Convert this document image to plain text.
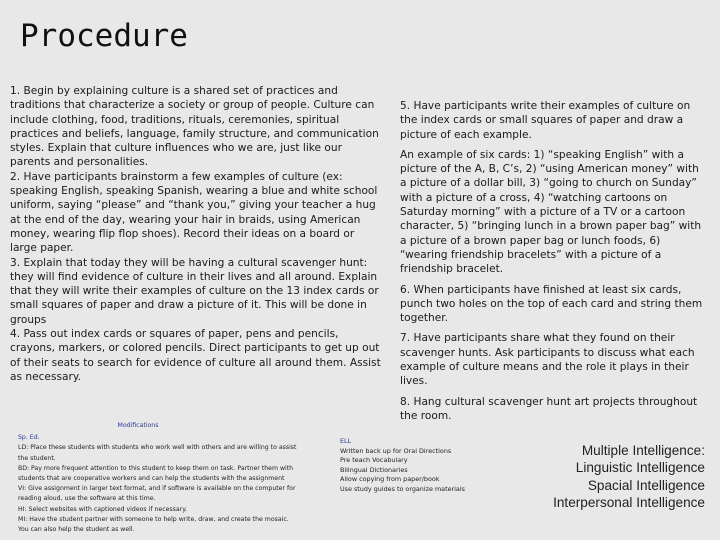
Procedure

1. Begin by explaining culture is a shared set of practices and traditions that characterize a society or group of people. Culture can include clothing, food, traditions, rituals, ceremonies, spiritual practices and beliefs, language, family structure, and communication styles. Explain that culture influences who we are, just like our parents and personalities.

2. Have participants brainstorm a few examples of culture (ex: speaking English, speaking Spanish, wearing a blue and white school uniform, saying “please” and “thank you,” giving your teacher a hug at the end of the day, wearing your hair in braids, using American money, wearing flip flop shoes). Record their ideas on a board or large paper.

3. Explain that today they will be having a cultural scavenger hunt: they will find evidence of culture in their lives and all around. Explain that they will write their examples of culture on the 13 index cards or small squares of paper and draw a picture of it. This will be done in groups

4. Pass out index cards or squares of paper, pens and pencils, crayons, markers, or colored pencils. Direct participants to get up out of their seats to search for evidence of culture all around them. Assist as necessary.

5. Have participants write their examples of culture on the index cards or small squares of paper and draw a picture of each example.

An example of six cards: 1) “speaking English” with a picture of the A, B, C’s, 2) “using American money” with a picture of a dollar bill, 3) “going to church on Sunday” with a picture of a cross, 4) “watching cartoons on Saturday morning” with a picture of a TV or a cartoon character, 5) “bringing lunch in a brown paper bag” with a picture of a brown paper bag or lunch foods, 6) “wearing friendship bracelets” with a picture of a friendship bracelet.

6. When participants have finished at least six cards, punch two holes on the top of each card and string them together.

7. Have participants share what they found on their scavenger hunts. Ask participants to discuss what each example of culture means and the role it plays in their lives.

8. Hang cultural scavenger hunt art projects throughout the room.

Modifications

Sp. Ed.

LD: Place these students with students who work well with others and are willing to assist the student.

BD: Pay more frequent attention to this student to keep them on task. Partner them with students that are cooperative workers and can help the students with the assignment

VI: Give assignment in larger text format, and if software is available on the computer for reading aloud, use the software at this time.

HI: Select websites with captioned videos if necessary.

MI: Have the student partner with someone to help write, draw, and create the mosaic. You can also help the student as well.

ELL

Written back up for Oral Directions

Pre teach Vocabulary

Bilingual Dictionaries

Allow copying from paper/book

Use study guides to organize materials

Multiple Intelligence:

Linguistic Intelligence

Spacial Intelligence

Interpersonal Intelligence
